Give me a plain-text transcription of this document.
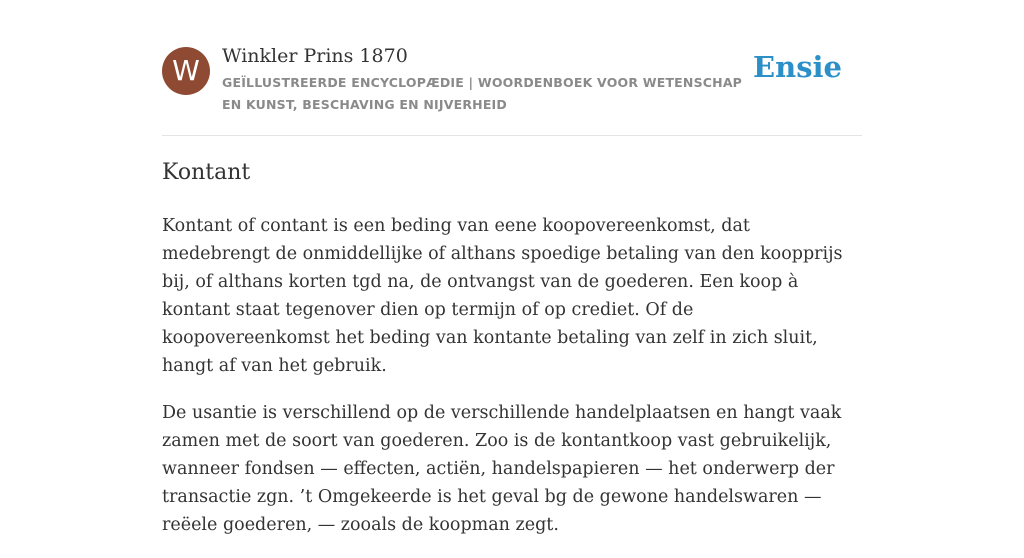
W	Winkler Prins 1870
GEÏLLUSTREERDE ENCYCLOPÆDIE | WOORDENBOEK VOOR WETENSCHAP EN KUNST, BESCHAVING EN NIJVERHEID
Ensie
Kontant

Kontant of contant is een beding van eene koopovereenkomst, dat medebrengt de onmiddellijke of althans spoedige betaling van den koopprijs bij, of althans korten tgd na, de ontvangst van de goederen. Een koop à kontant staat tegenover dien op termijn of op crediet. Of de koopovereenkomst het beding van kontante betaling van zelf in zich sluit, hangt af van het gebruik.

De usantie is verschillend op de verschillende handelplaatsen en hangt vaak zamen met de soort van goederen. Zoo is de kontantkoop vast gebruikelijk, wanneer fondsen — effecten, actiën, handelspapieren — het onderwerp der transactie zgn. ’t Omgekeerde is het geval bg de gewone handelswaren — reëele goederen, — zooals de koopman zegt.
